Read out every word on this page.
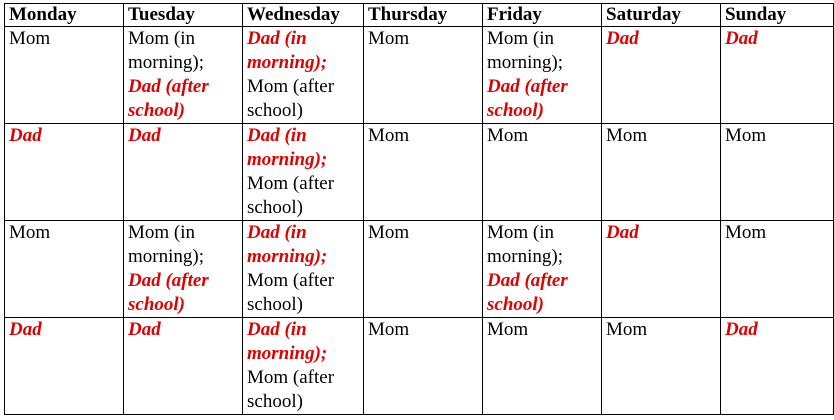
Monday	Tuesday	Wednesday	Thursday	Friday	Saturday	Sunday

Mom	Mom (in
morning);
Dad (after
school)	Dad (in
morning);
Mom (after
school)	Mom	Mom (in
morning);
Dad (after
school)	Dad	Dad

Dad	Dad	Dad (in
morning);
Mom (after
school)	Mom	Mom	Mom	Mom

Mom	Mom (in
morning);
Dad (after
school)	Dad (in
morning);
Mom (after
school)	Mom	Mom (in
morning);
Dad (after
school)	Dad	Mom

Dad	Dad	Dad (in
morning);
Mom (after
school)	Mom	Mom	Mom	Dad
